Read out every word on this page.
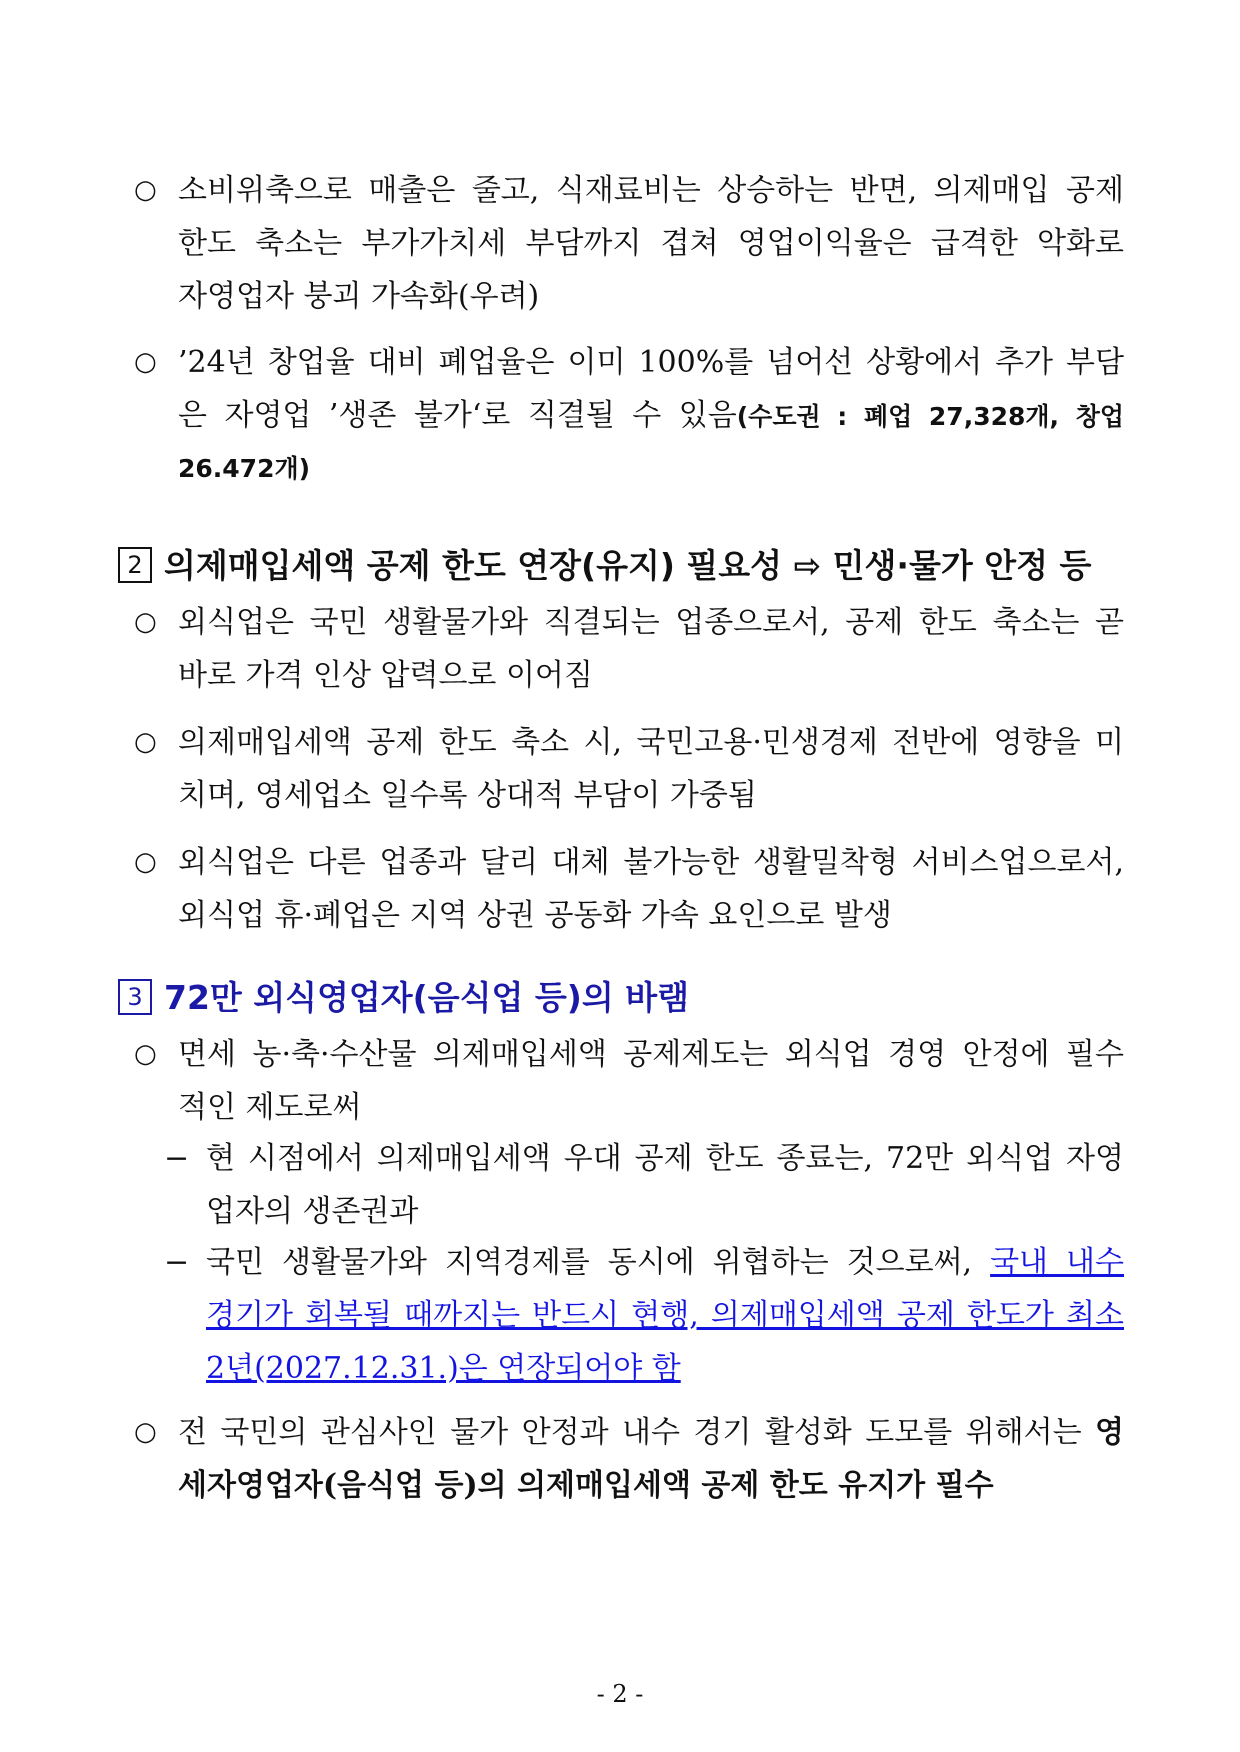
○ 소비위축으로 매출은 줄고, 식재료비는 상승하는 반면, 의제매입 공제
한도 축소는 부가가치세 부담까지 겹쳐 영업이익율은 급격한 악화로
자영업자 붕괴 가속화(우려)
○ ’24년 창업율 대비 폐업율은 이미 100%를 넘어선 상황에서 추가 부담
은 자영업 ’생존 불가‘로 직결될 수 있음(수도권 : 폐업 27,328개, 창업
26.472개)
2 의제매입세액 공제 한도 연장(유지) 필요성 ⇨ 민생·물가 안정 등
○ 외식업은 국민 생활물가와 직결되는 업종으로서, 공제 한도 축소는 곧
바로 가격 인상 압력으로 이어짐
○ 의제매입세액 공제 한도 축소 시, 국민고용·민생경제 전반에 영향을 미
치며, 영세업소 일수록 상대적 부담이 가중됨
○ 외식업은 다른 업종과 달리 대체 불가능한 생활밀착형 서비스업으로서,
외식업 휴·폐업은 지역 상권 공동화 가속 요인으로 발생
3 72만 외식영업자(음식업 등)의 바램
○ 면세 농·축·수산물 의제매입세액 공제제도는 외식업 경영 안정에 필수
적인 제도로써
− 현 시점에서 의제매입세액 우대 공제 한도 종료는, 72만 외식업 자영
업자의 생존권과
− 국민 생활물가와 지역경제를 동시에 위협하는 것으로써, 국내 내수
경기가 회복될 때까지는 반드시 현행, 의제매입세액 공제 한도가 최소
2년(2027.12.31.)은 연장되어야 함
○ 전 국민의 관심사인 물가 안정과 내수 경기 활성화 도모를 위해서는 영
세자영업자(음식업 등)의 의제매입세액 공제 한도 유지가 필수
- 2 -
